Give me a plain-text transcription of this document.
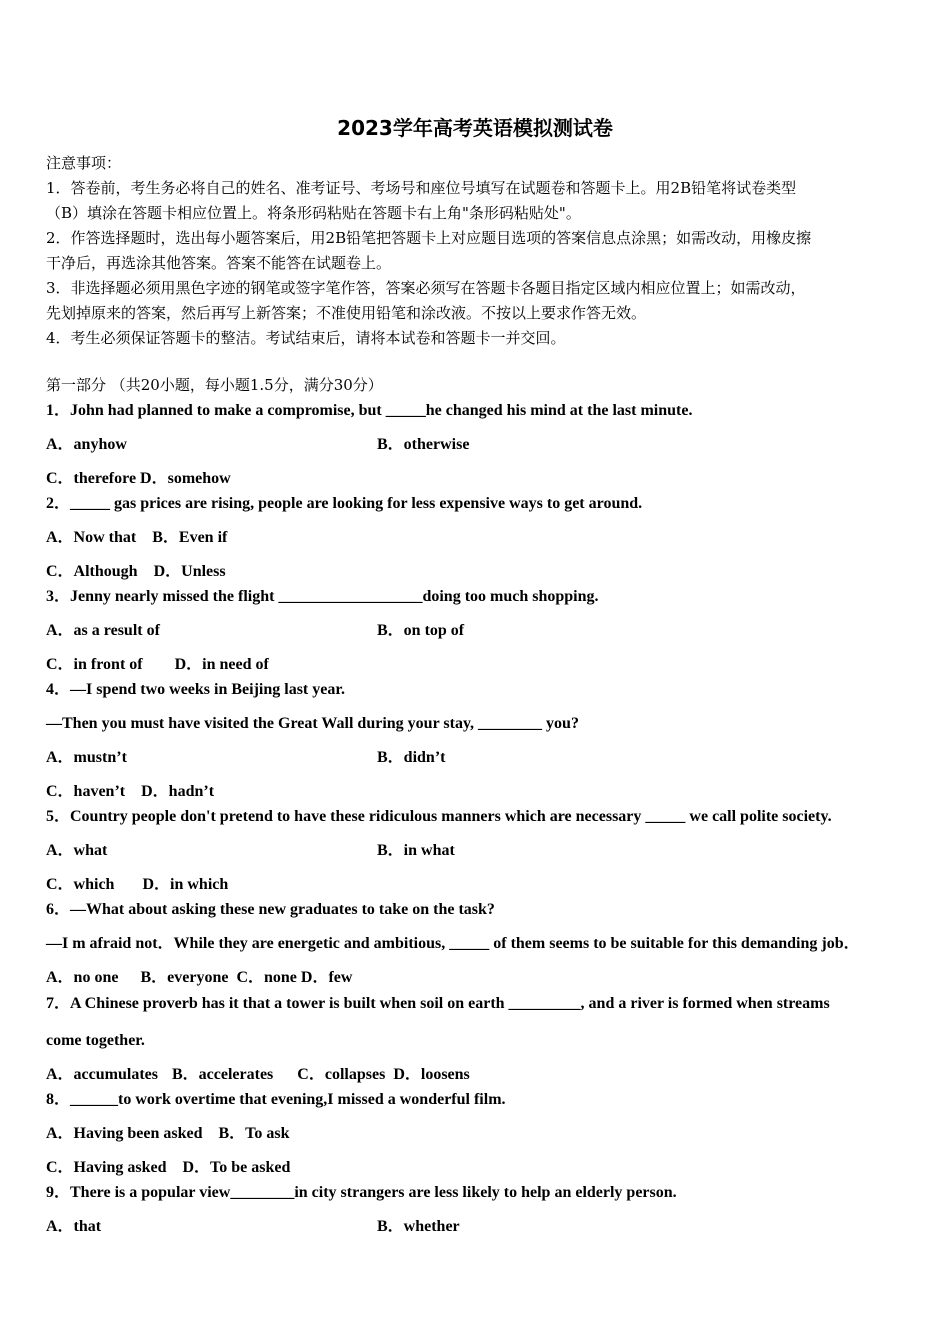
2023学年高考英语模拟测试卷
注意事项：
1．答卷前，考生务必将自己的姓名、准考证号、考场号和座位号填写在试题卷和答题卡上。用2B铅笔将试卷类型
（B）填涂在答题卡相应位置上。将条形码粘贴在答题卡右上角"条形码粘贴处"。
2．作答选择题时，选出每小题答案后，用2B铅笔把答题卡上对应题目选项的答案信息点涂黑；如需改动，用橡皮擦
干净后，再选涂其他答案。答案不能答在试题卷上。
3．非选择题必须用黑色字迹的钢笔或签字笔作答，答案必须写在答题卡各题目指定区域内相应位置上；如需改动，
先划掉原来的答案，然后再写上新答案；不准使用铅笔和涂改液。不按以上要求作答无效。
4．考生必须保证答题卡的整洁。考试结束后，请将本试卷和答题卡一并交回。
第一部分 （共20小题，每小题1.5分，满分30分）
1．John had planned to make a compromise, but _____he changed his mind at the last minute.
A．anyhow	B．otherwise
C．therefore D．somehow
2．_____ gas prices are rising, people are looking for less expensive ways to get around.
A．Now that B．Even if
C．Although D．Unless
3．Jenny nearly missed the flight __________________doing too much shopping.
A．as a result of	B．on top of
C．in front of D．in need of
4．—I spend two weeks in Beijing last year.
—Then you must have visited the Great Wall during your stay, ________ you?
A．mustn’t	B．didn’t
C．haven’t D．hadn’t
5．Country people don't pretend to have these ridiculous manners which are necessary _____ we call polite society.
A．what	B．in what
C．which D．in which
6．—What about asking these new graduates to take on the task?
—I m afraid not．While they are energetic and ambitious, _____ of them seems to be suitable for this demanding job．
A．no one B．everyone C．none D．few
7．A Chinese proverb has it that a tower is built when soil on earth _________, and a river is formed when streams
come together.
A．accumulates B．accelerates C．collapses D．loosens
8．______to work overtime that evening,I missed a wonderful film.
A．Having been asked B．To ask
C．Having asked D．To be asked
9．There is a popular view________in city strangers are less likely to help an elderly person.
A．that	B．whether
